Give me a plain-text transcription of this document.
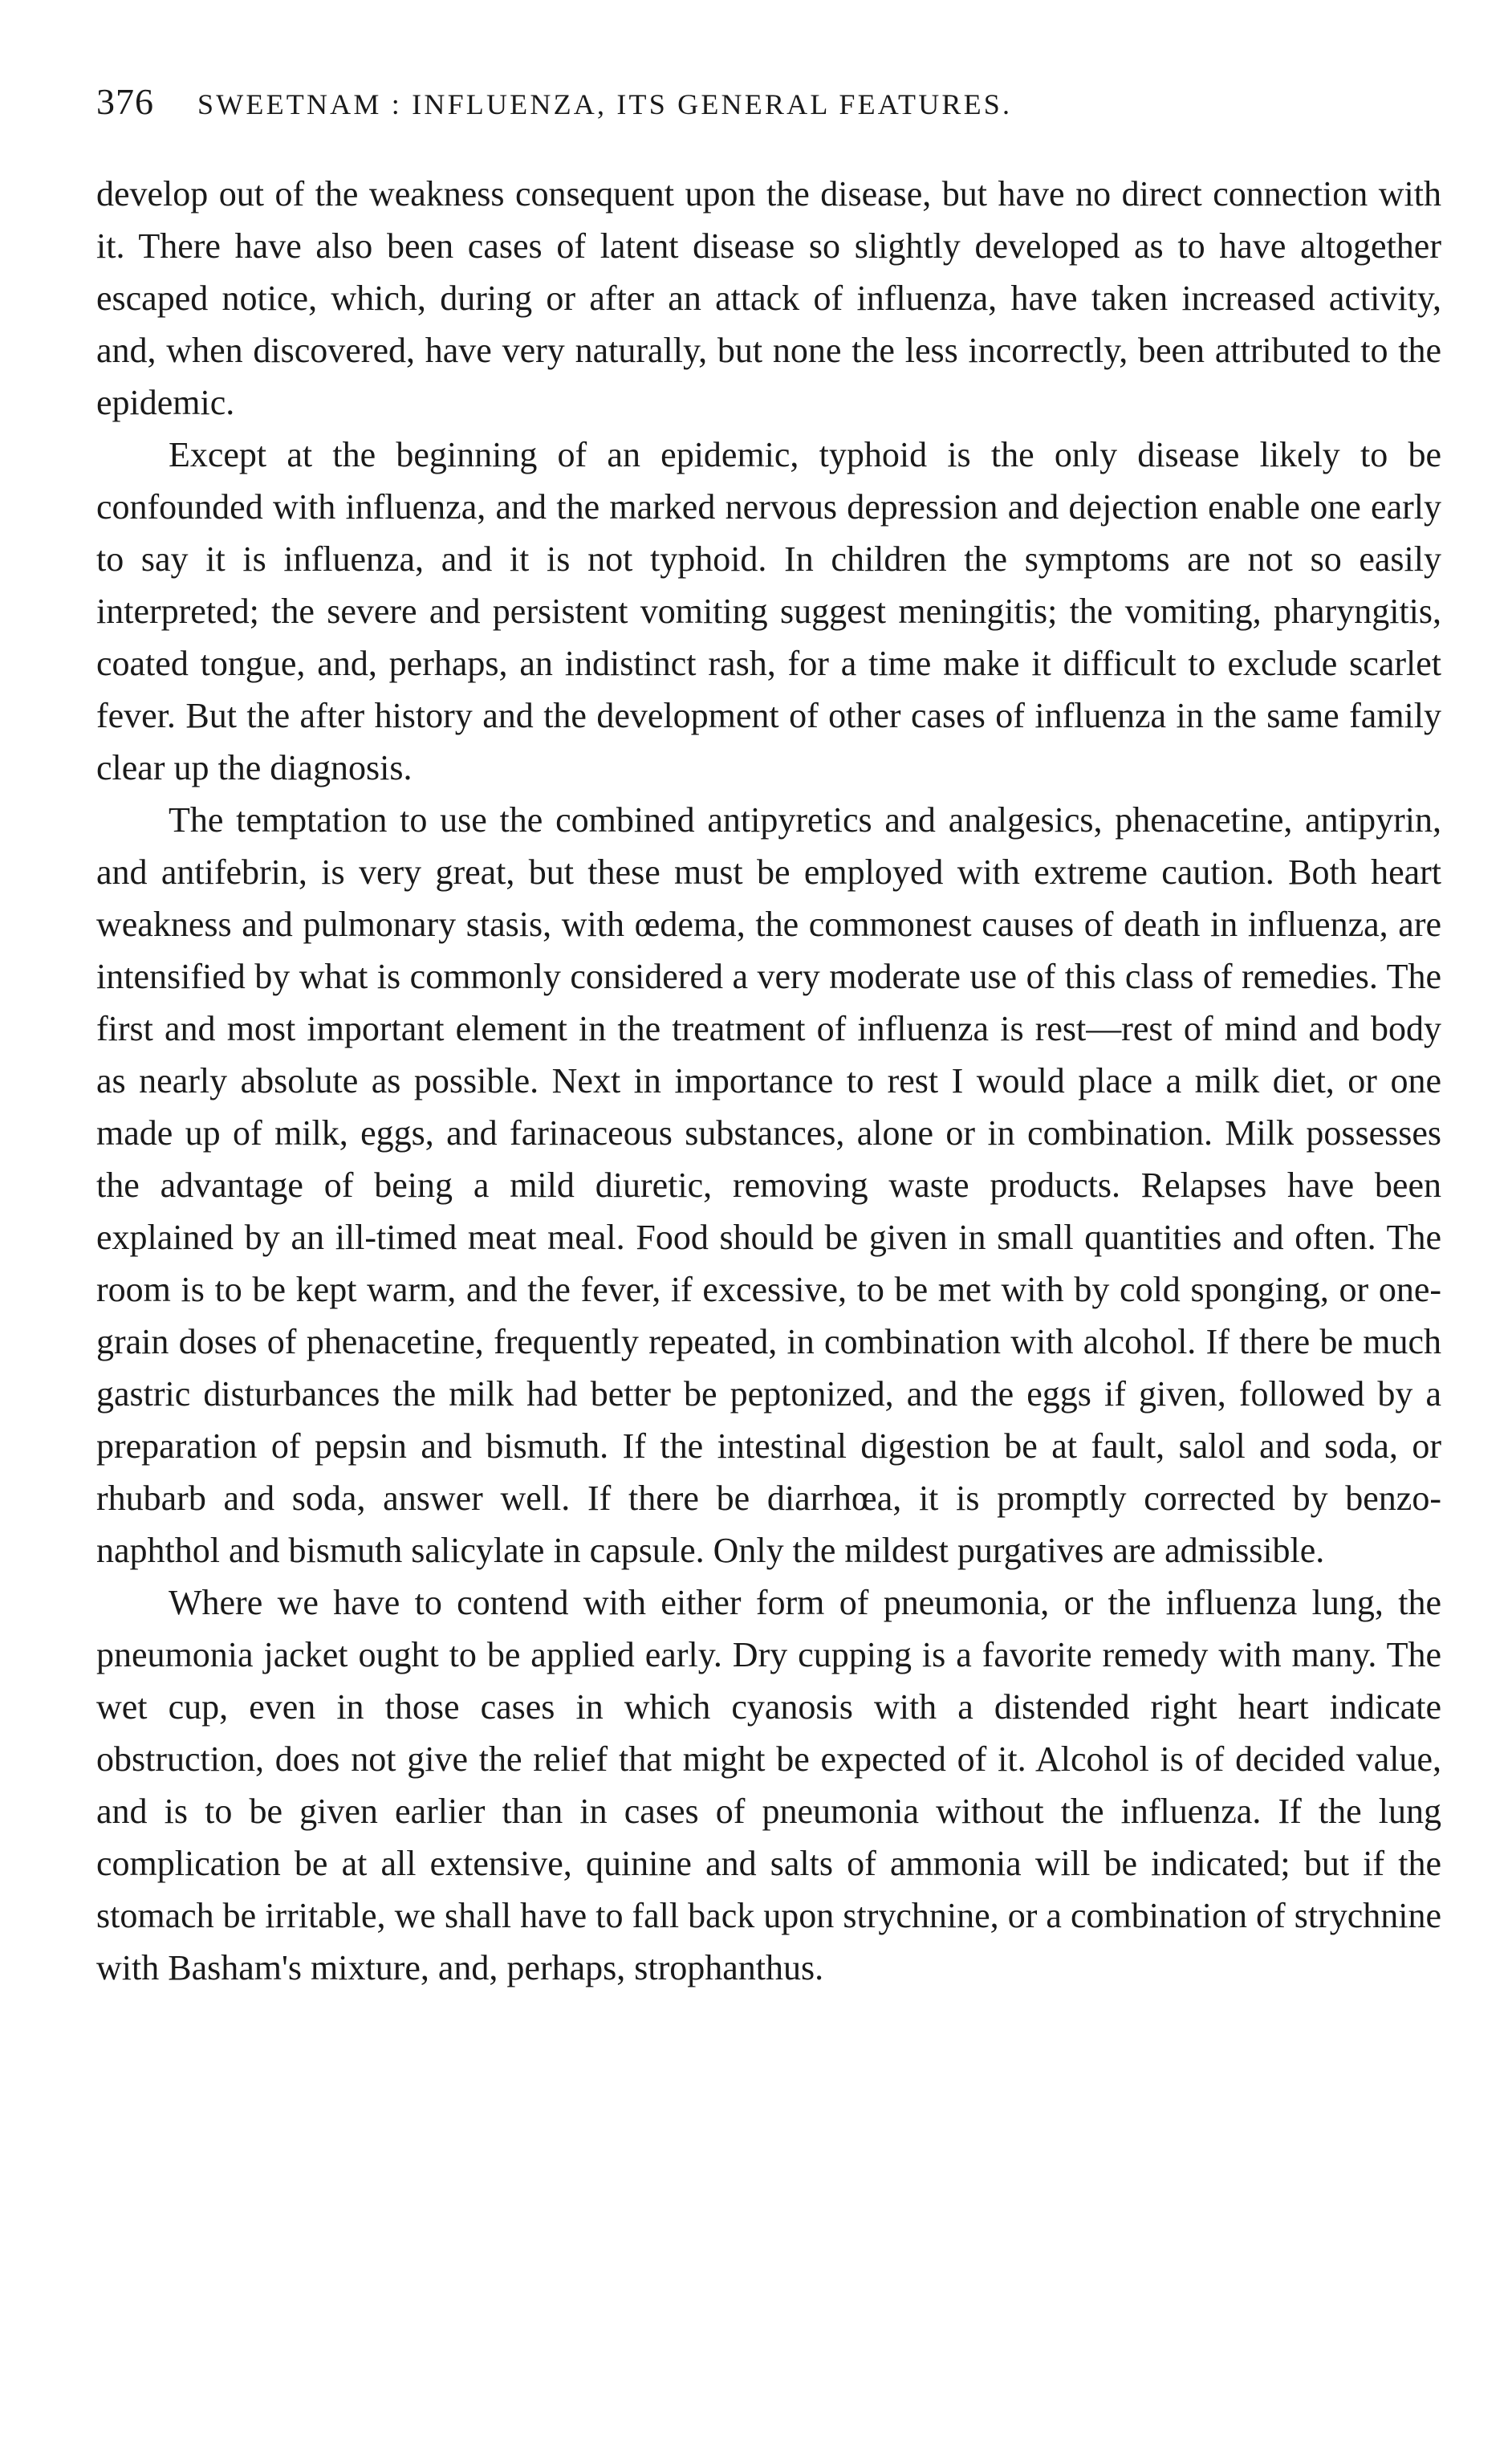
376 SWEETNAM : INFLUENZA, ITS GENERAL FEATURES.

develop out of the weakness consequent upon the disease, but have no direct connection with it. There have also been cases of latent disease so slightly developed as to have altogether escaped notice, which, during or after an attack of influenza, have taken increased activity, and, when discovered, have very naturally, but none the less incorrectly, been attributed to the epidemic.

Except at the beginning of an epidemic, typhoid is the only disease likely to be confounded with influenza, and the marked nervous depression and dejection enable one early to say it is influenza, and it is not typhoid. In children the symptoms are not so easily interpreted; the severe and persistent vomiting suggest meningitis; the vomiting, pharyngitis, coated tongue, and, perhaps, an indistinct rash, for a time make it difficult to exclude scarlet fever. But the after history and the development of other cases of influenza in the same family clear up the diagnosis.

The temptation to use the combined antipyretics and analgesics, phenacetine, antipyrin, and antifebrin, is very great, but these must be employed with extreme caution. Both heart weakness and pulmonary stasis, with œdema, the commonest causes of death in influenza, are intensified by what is commonly considered a very moderate use of this class of remedies. The first and most important element in the treatment of influenza is rest—rest of mind and body as nearly absolute as possible. Next in importance to rest I would place a milk diet, or one made up of milk, eggs, and farinaceous substances, alone or in combination. Milk possesses the advantage of being a mild diuretic, removing waste products. Relapses have been explained by an ill-timed meat meal. Food should be given in small quantities and often. The room is to be kept warm, and the fever, if excessive, to be met with by cold sponging, or one-grain doses of phenacetine, frequently repeated, in combination with alcohol. If there be much gastric disturbances the milk had better be peptonized, and the eggs if given, followed by a preparation of pepsin and bismuth. If the intestinal digestion be at fault, salol and soda, or rhubarb and soda, answer well. If there be diarrhœa, it is promptly corrected by benzo-naphthol and bismuth salicylate in capsule. Only the mildest purgatives are admissible.

Where we have to contend with either form of pneumonia, or the influenza lung, the pneumonia jacket ought to be applied early. Dry cupping is a favorite remedy with many. The wet cup, even in those cases in which cyanosis with a distended right heart indicate obstruction, does not give the relief that might be expected of it. Alcohol is of decided value, and is to be given earlier than in cases of pneumonia without the influenza. If the lung complication be at all extensive, quinine and salts of ammonia will be indicated; but if the stomach be irritable, we shall have to fall back upon strychnine, or a combination of strychnine with Basham's mixture, and, perhaps, strophanthus.
